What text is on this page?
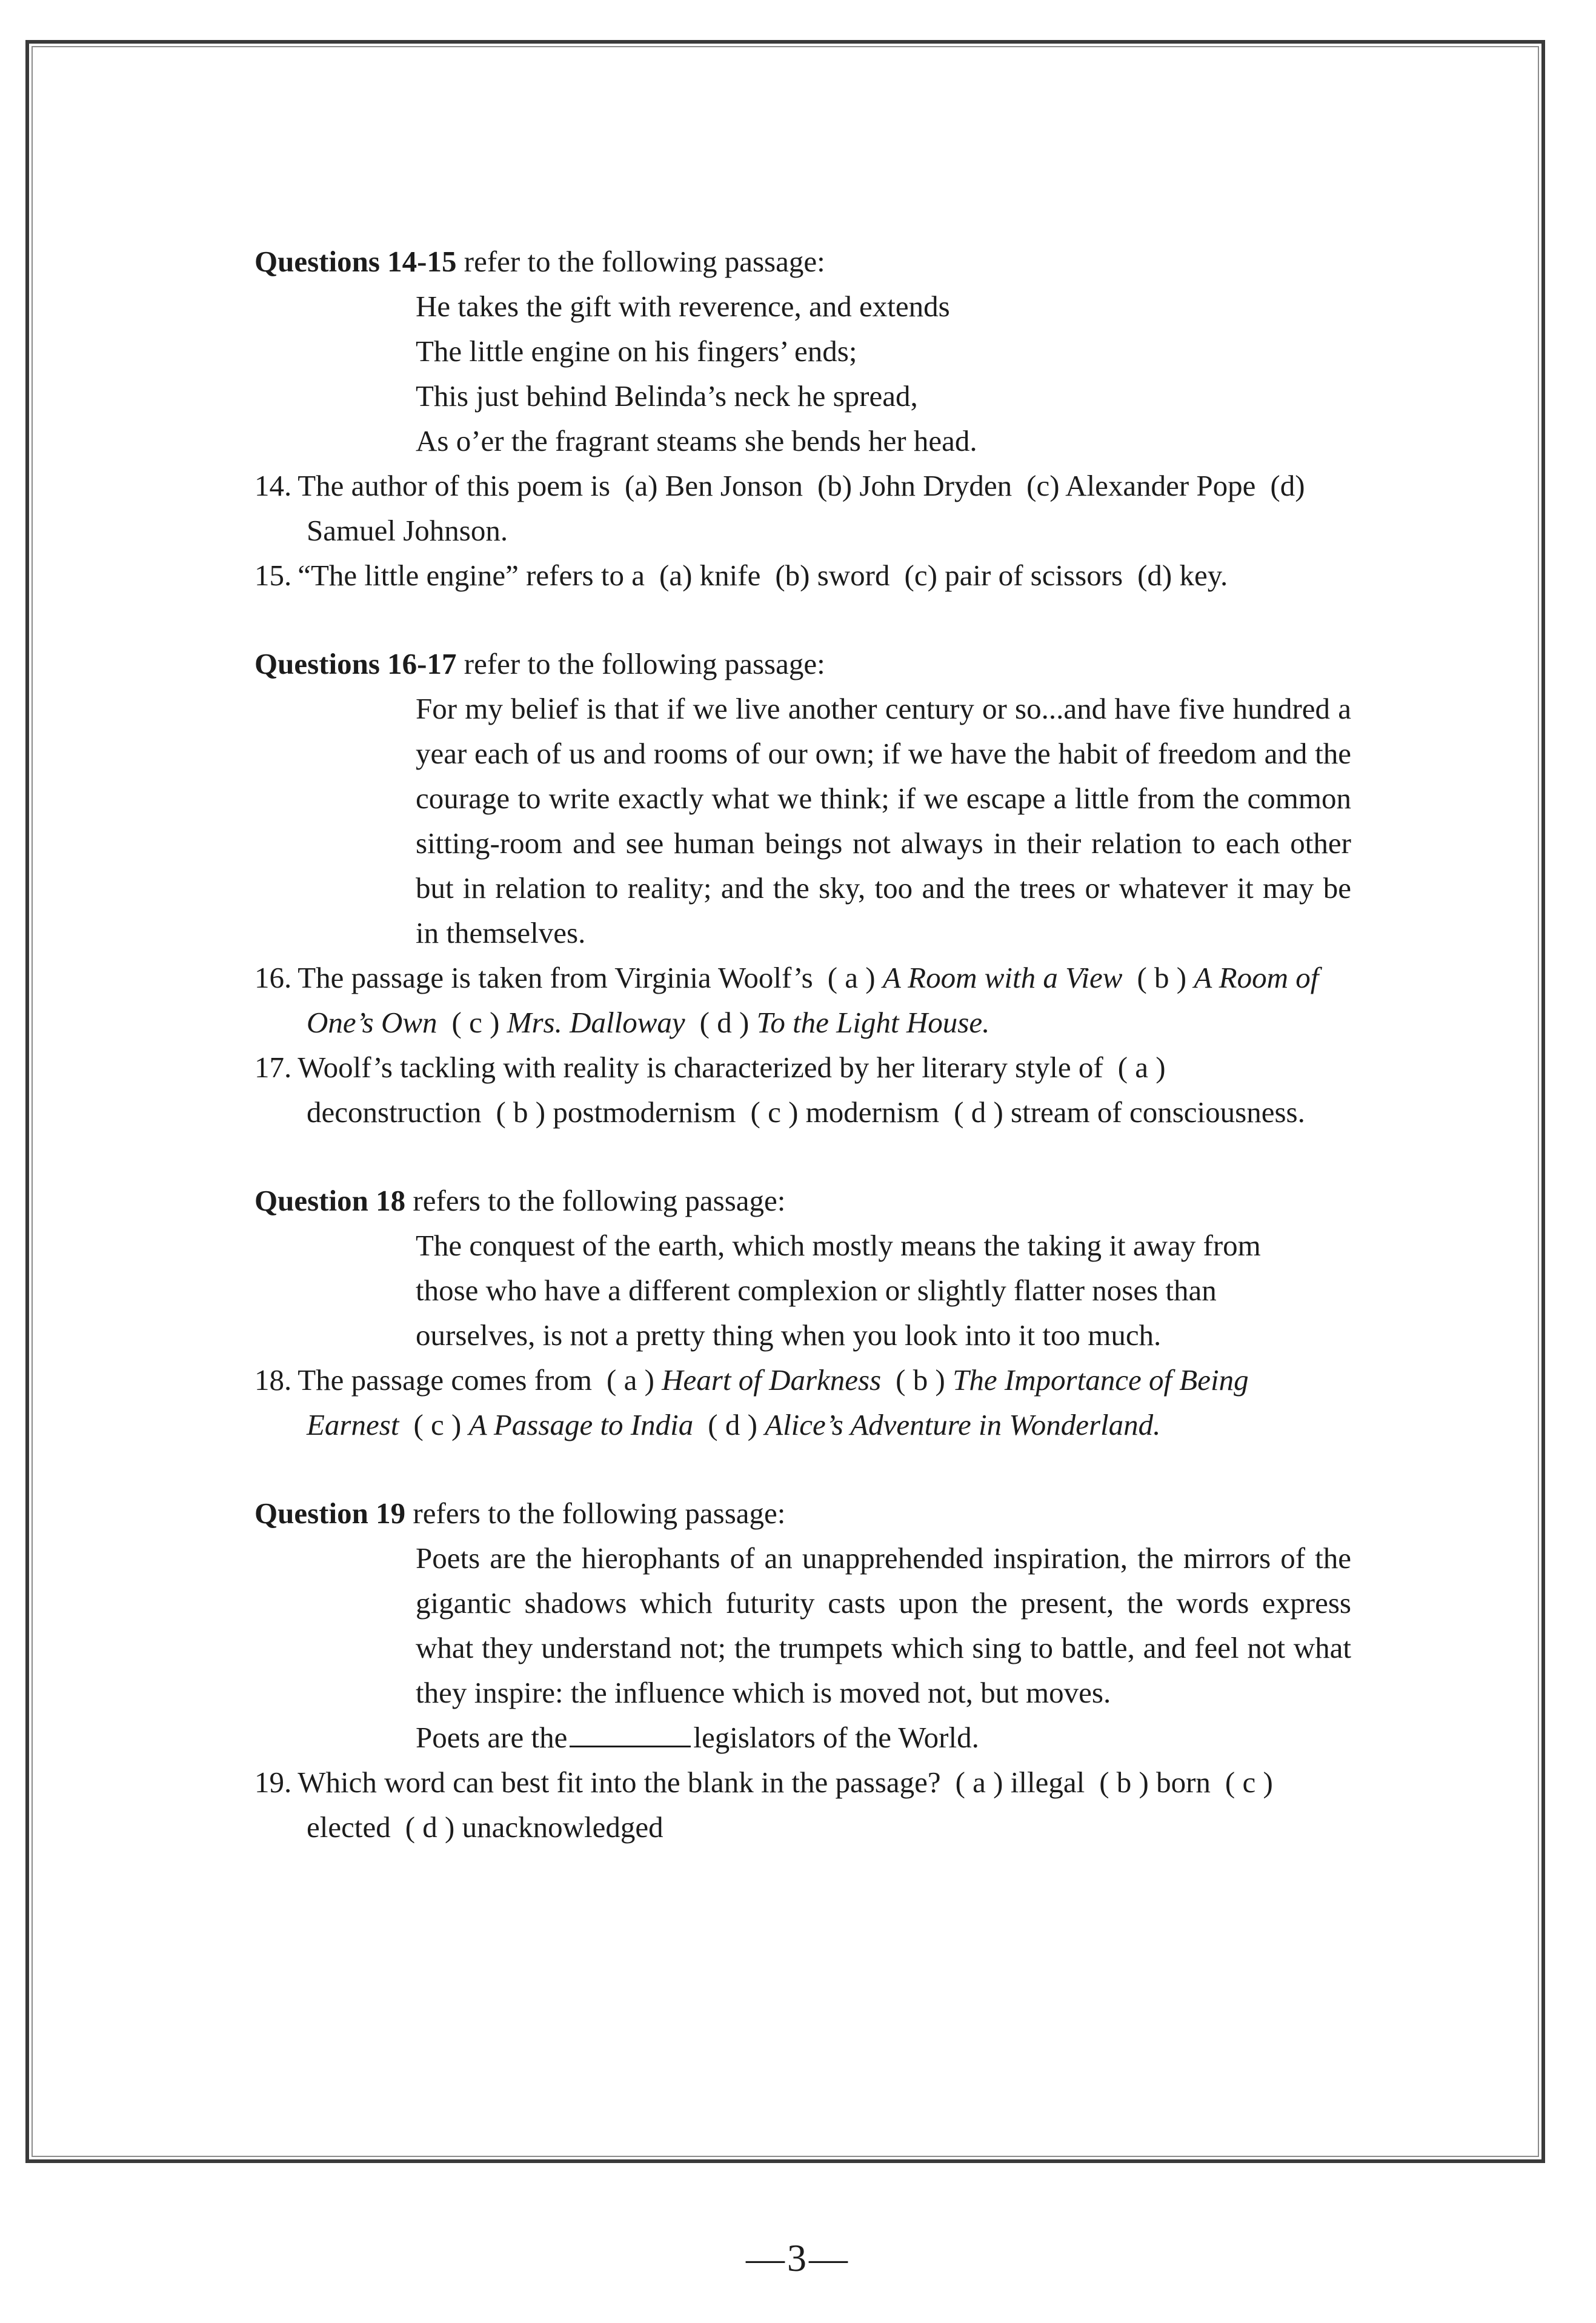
Questions 14-15 refer to the following passage:

He takes the gift with reverence, and extends
The little engine on his fingers’ ends;
This just behind Belinda’s neck he spread,
As o’er the fragrant steams she bends her head.

14. The author of this poem is (a) Ben Jonson (b) John Dryden (c) Alexander Pope (d) Samuel Johnson.

15. “The little engine” refers to a (a) knife (b) sword (c) pair of scissors (d) key.

Questions 16-17 refer to the following passage:

For my belief is that if we live another century or so...and have five hundred a year each of us and rooms of our own; if we have the habit of freedom and the courage to write exactly what we think; if we escape a little from the common sitting-room and see human beings not always in their relation to each other but in relation to reality; and the sky, too and the trees or whatever it may be in themselves.

16. The passage is taken from Virginia Woolf’s ( a ) A Room with a View ( b ) A Room of One’s Own ( c ) Mrs. Dalloway ( d ) To the Light House.

17. Woolf’s tackling with reality is characterized by her literary style of ( a ) deconstruction ( b ) postmodernism ( c ) modernism ( d ) stream of consciousness.

Question 18 refers to the following passage:

The conquest of the earth, which mostly means the taking it away from
those who have a different complexion or slightly flatter noses than
ourselves, is not a pretty thing when you look into it too much.

18. The passage comes from ( a ) Heart of Darkness ( b ) The Importance of Being Earnest ( c ) A Passage to India ( d ) Alice’s Adventure in Wonderland.

Question 19 refers to the following passage:

Poets are the hierophants of an unapprehended inspiration, the mirrors of the gigantic shadows which futurity casts upon the present, the words express what they understand not; the trumpets which sing to battle, and feel not what they inspire: the influence which is moved not, but moves.

Poets are the	legislators of the World.

19. Which word can best fit into the blank in the passage? ( a ) illegal ( b ) born ( c ) elected ( d ) unacknowledged

—3—
